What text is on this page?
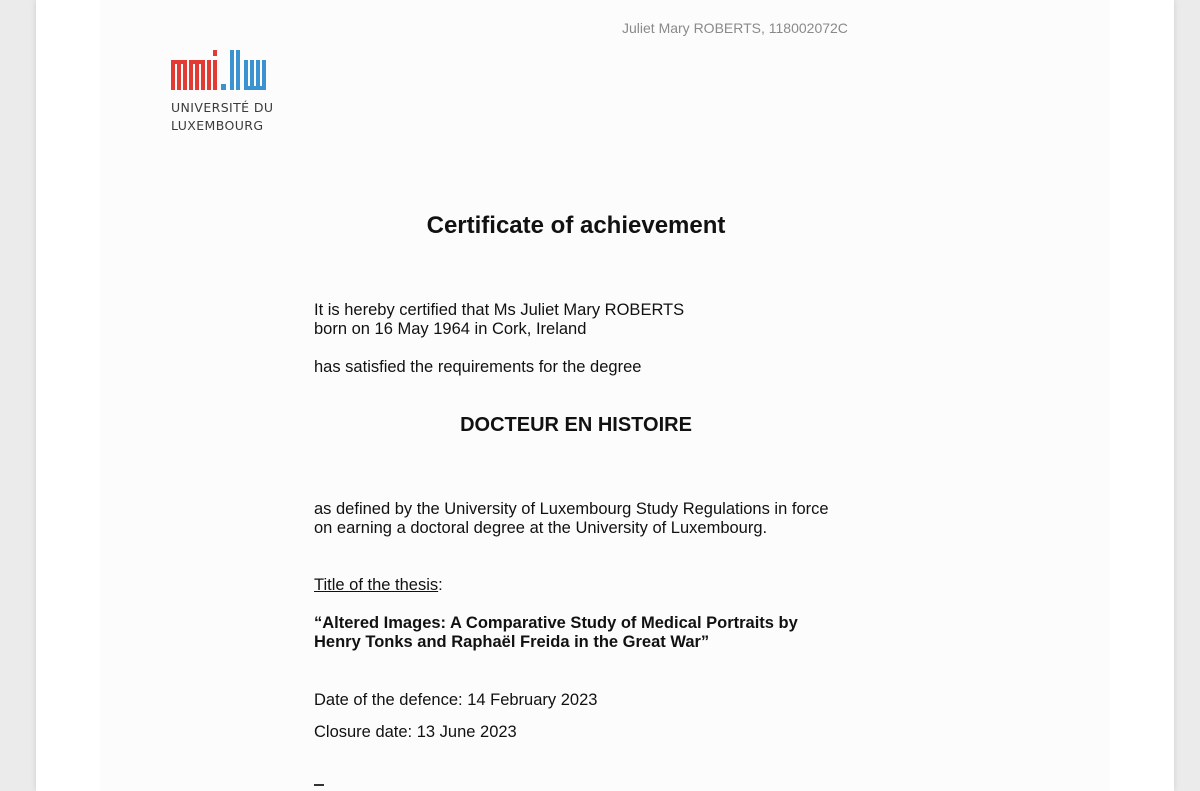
Juliet Mary ROBERTS, 118002072C
UNIVERSITÉ DU
LUXEMBOURG
Certificate of achievement
It is hereby certified that Ms Juliet Mary ROBERTS
born on 16 May 1964 in Cork, Ireland
has satisfied the requirements for the degree
DOCTEUR EN HISTOIRE
as defined by the University of Luxembourg Study Regulations in force
on earning a doctoral degree at the University of Luxembourg.
Title of the thesis:
“Altered Images: A Comparative Study of Medical Portraits by
Henry Tonks and Raphaël Freida in the Great War”
Date of the defence: 14 February 2023
Closure date: 13 June 2023
